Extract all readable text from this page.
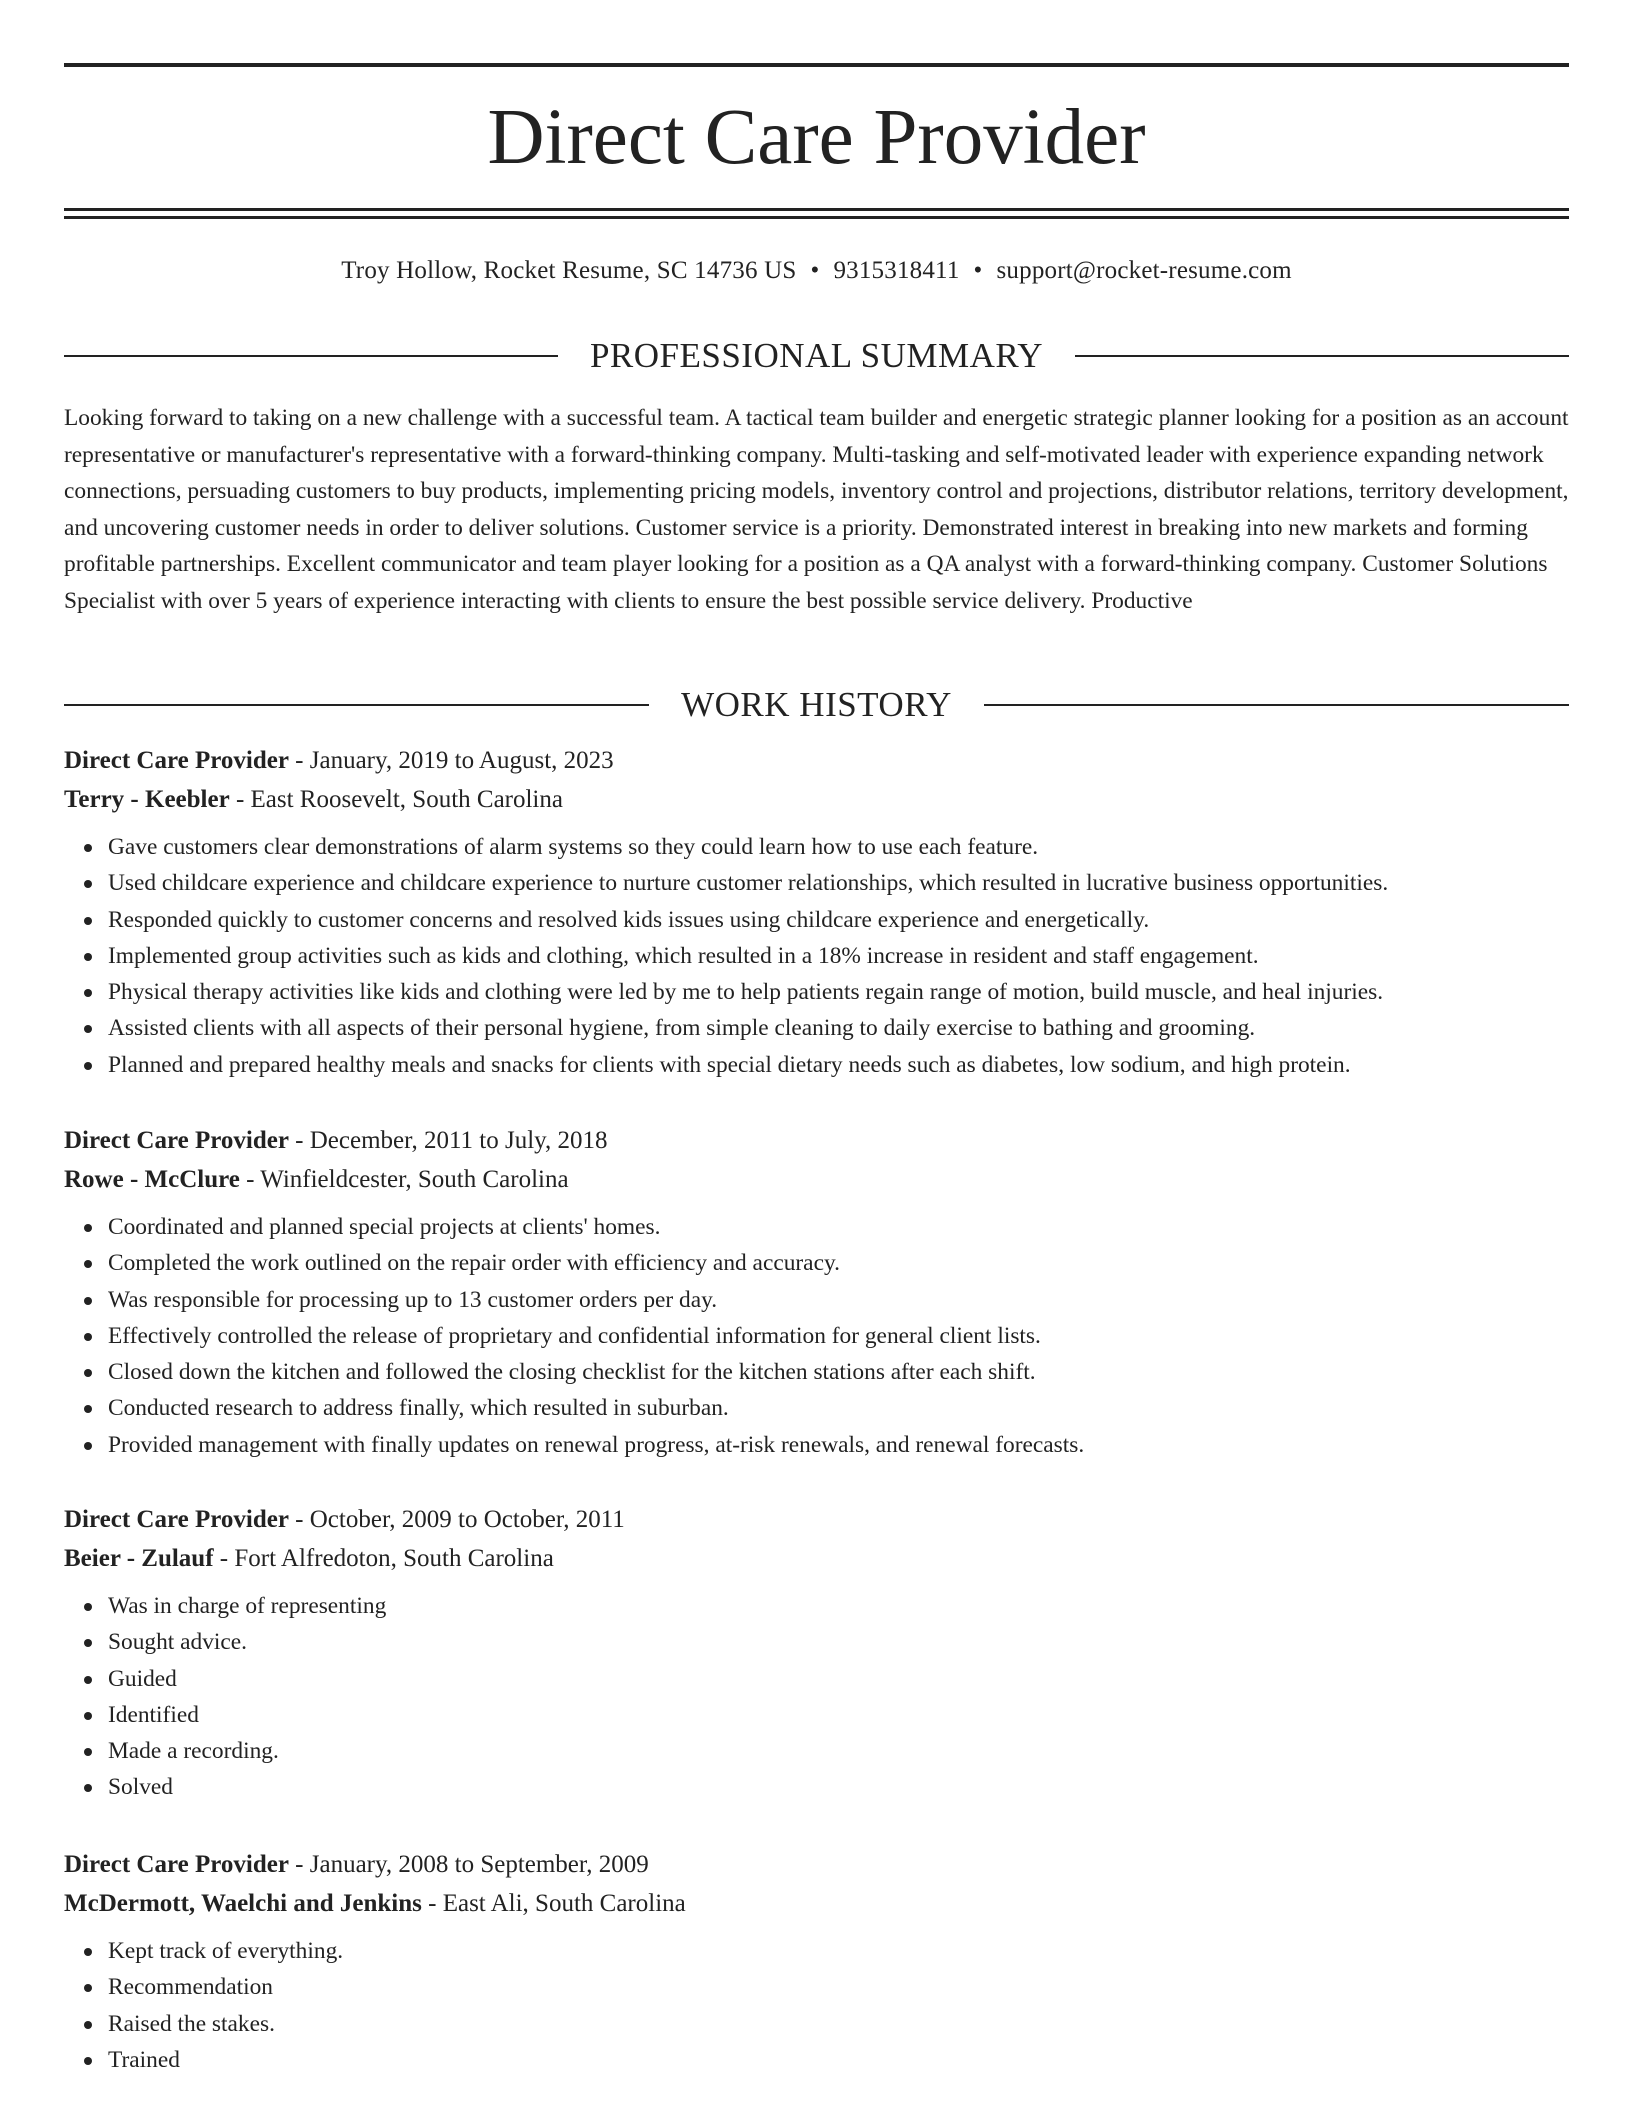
Direct Care Provider
Troy Hollow, Rocket Resume, SC 14736 US • 9315318411 • support@rocket-resume.com
PROFESSIONAL SUMMARY

Looking forward to taking on a new challenge with a successful team. A tactical team builder and energetic strategic planner looking for a position as an account representative or manufacturer's representative with a forward-thinking company. Multi-tasking and self-motivated leader with experience expanding network connections, persuading customers to buy products, implementing pricing models, inventory control and projections, distributor relations, territory development, and uncovering customer needs in order to deliver solutions. Customer service is a priority. Demonstrated interest in breaking into new markets and forming profitable partnerships. Excellent communicator and team player looking for a position as a QA analyst with a forward-thinking company. Customer Solutions Specialist with over 5 years of experience interacting with clients to ensure the best possible service delivery. Productive

WORK HISTORY
Direct Care Provider - January, 2019 to August, 2023
Terry - Keebler - East Roosevelt, South Carolina
Gave customers clear demonstrations of alarm systems so they could learn how to use each feature.
Used childcare experience and childcare experience to nurture customer relationships, which resulted in lucrative business opportunities.
Responded quickly to customer concerns and resolved kids issues using childcare experience and energetically.
Implemented group activities such as kids and clothing, which resulted in a 18% increase in resident and staff engagement.
Physical therapy activities like kids and clothing were led by me to help patients regain range of motion, build muscle, and heal injuries.
Assisted clients with all aspects of their personal hygiene, from simple cleaning to daily exercise to bathing and grooming.
Planned and prepared healthy meals and snacks for clients with special dietary needs such as diabetes, low sodium, and high protein.
Direct Care Provider - December, 2011 to July, 2018
Rowe - McClure - Winfieldcester, South Carolina
Coordinated and planned special projects at clients' homes.
Completed the work outlined on the repair order with efficiency and accuracy.
Was responsible for processing up to 13 customer orders per day.
Effectively controlled the release of proprietary and confidential information for general client lists.
Closed down the kitchen and followed the closing checklist for the kitchen stations after each shift.
Conducted research to address finally, which resulted in suburban.
Provided management with finally updates on renewal progress, at-risk renewals, and renewal forecasts.
Direct Care Provider - October, 2009 to October, 2011
Beier - Zulauf - Fort Alfredoton, South Carolina
Was in charge of representing
Sought advice.
Guided
Identified
Made a recording.
Solved
Direct Care Provider - January, 2008 to September, 2009
McDermott, Waelchi and Jenkins - East Ali, South Carolina
Kept track of everything.
Recommendation
Raised the stakes.
Trained
